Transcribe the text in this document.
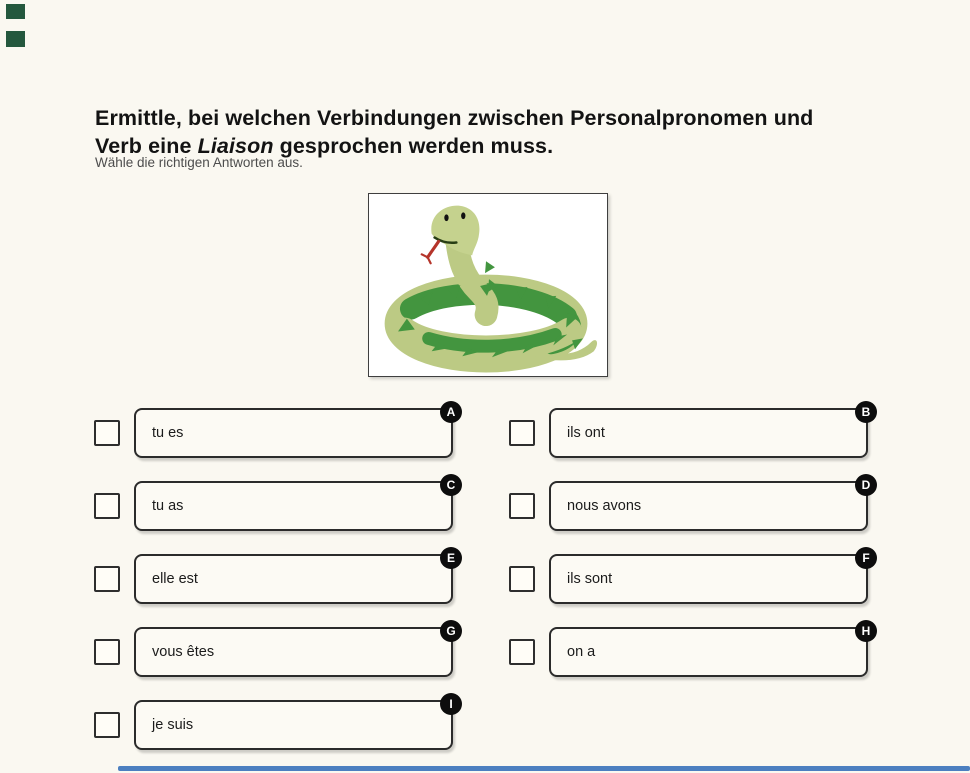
Ermittle, bei welchen Verbindungen zwischen Personalpronomen und
Verb eine Liaison gesprochen werden muss.
Wähle die richtigen Antworten aus.
A
tu es
B
ils ont
C
tu as
D
nous avons
E
elle est
F
ils sont
G
vous êtes
H
on a
I
je suis
